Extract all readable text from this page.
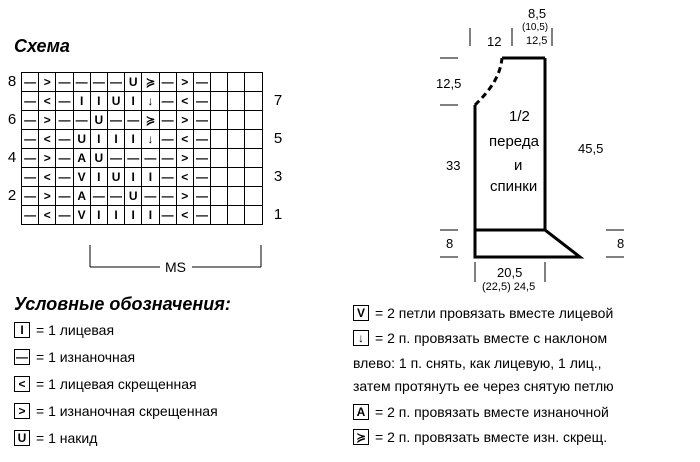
Схема
— > — — — — U ≽ — > —
— < — I	I U I	↓ — < —
— > — — U — — ≽ — > —
— < — U I	I	I	↓ — < —
— > — A U — — — — > —
— < — V I U I	I — < —
— > — A — — U — — > —
— < — V I	I	I	I — < —
8
6
4
2
7
5
3
1
MS
Условные обозначения:
I = 1 лицевая
— = 1 изнаночная
< = 1 лицевая скрещенная
> = 1 изнаночная скрещенная
U = 1 накид
V = 2 петли провязать вместе лицевой
↓ = 2 п. провязать вместе с наклоном
влево: 1 п. снять, как лицевую, 1 лиц.,
затем протянуть ее через снятую петлю
A = 2 п. провязать вместе изнаночной
≽ = 2 п. провязать вместе изн. скрещ.
12
8,5
(10,5)
12,5
12,5
33
45,5
8	8
20,5
(22,5) 24,5
1/2
переда
и
спинки
